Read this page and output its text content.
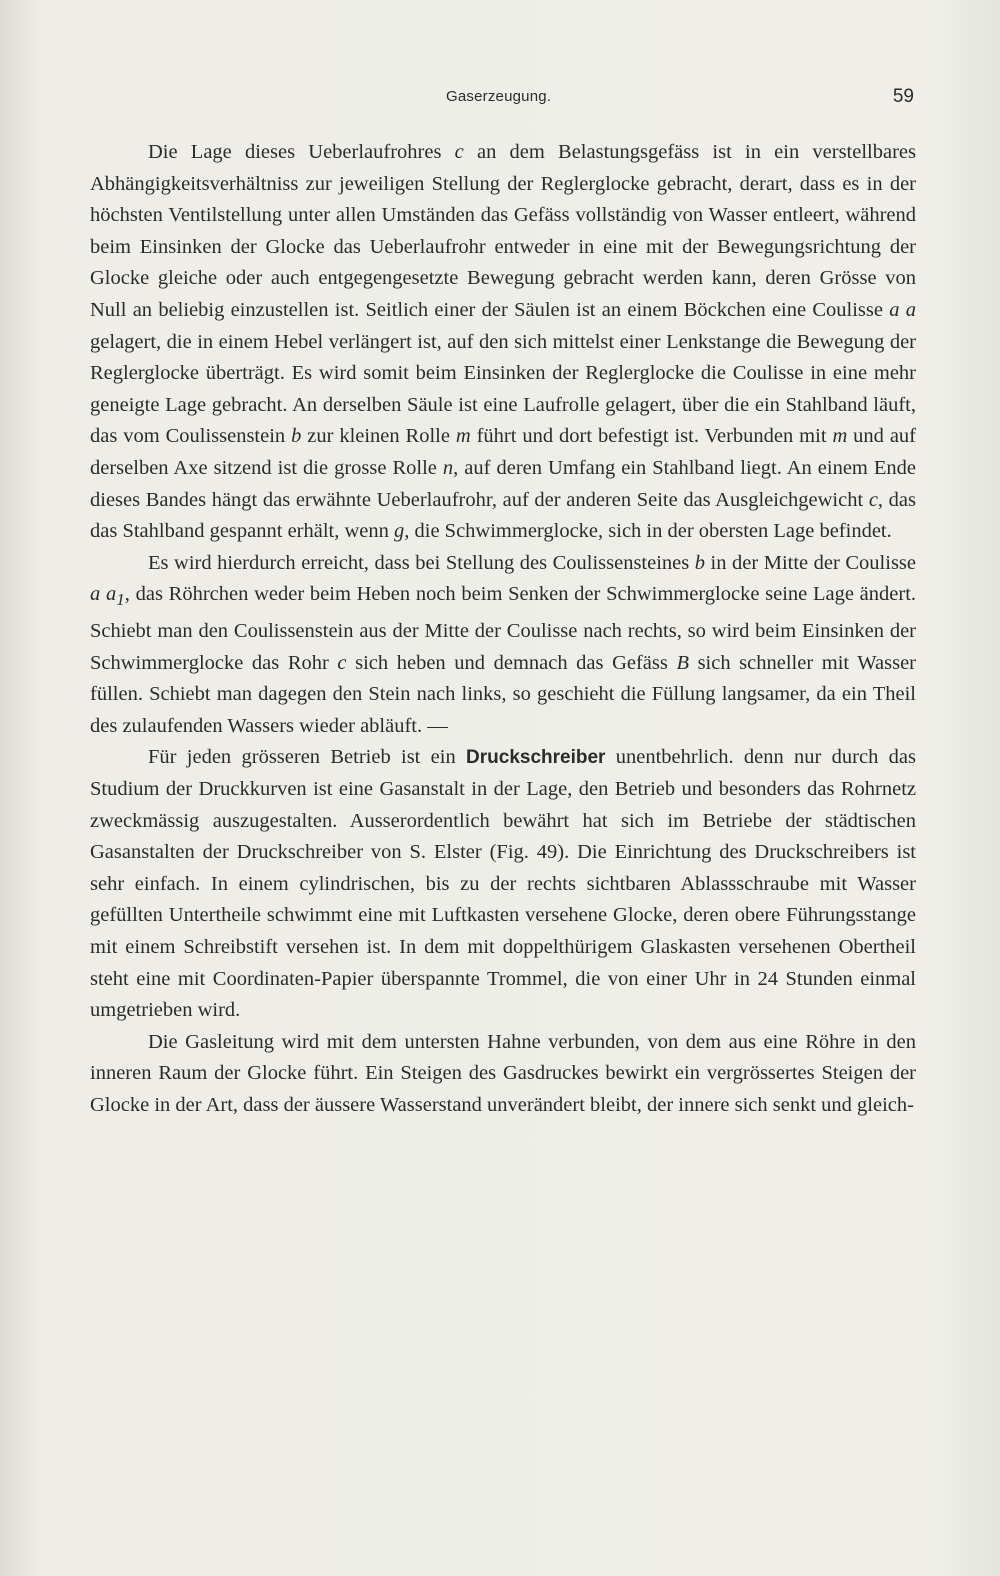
Gaserzeugung.	59

Die Lage dieses Ueberlaufrohres c an dem Belastungsgefäss ist in ein verstellbares Abhängigkeitsverhältniss zur jeweiligen Stellung der Reglerglocke gebracht, derart, dass es in der höchsten Ventilstellung unter allen Umständen das Gefäss vollständig von Wasser entleert, während beim Einsinken der Glocke das Ueberlaufrohr entweder in eine mit der Bewegungsrichtung der Glocke gleiche oder auch entgegengesetzte Bewegung gebracht werden kann, deren Grösse von Null an beliebig einzustellen ist. Seitlich einer der Säulen ist an einem Böckchen eine Coulisse a a gelagert, die in einem Hebel verlängert ist, auf den sich mittelst einer Lenkstange die Bewegung der Reglerglocke überträgt. Es wird somit beim Einsinken der Reglerglocke die Coulisse in eine mehr geneigte Lage gebracht. An derselben Säule ist eine Laufrolle gelagert, über die ein Stahlband läuft, das vom Coulissenstein b zur kleinen Rolle m führt und dort befestigt ist. Verbunden mit m und auf derselben Axe sitzend ist die grosse Rolle n, auf deren Umfang ein Stahlband liegt. An einem Ende dieses Bandes hängt das erwähnte Ueberlaufrohr, auf der anderen Seite das Ausgleichgewicht c, das das Stahlband gespannt erhält, wenn g, die Schwimmerglocke, sich in der obersten Lage befindet.

Es wird hierdurch erreicht, dass bei Stellung des Coulissensteines b in der Mitte der Coulisse a $a_1$, das Röhrchen weder beim Heben noch beim Senken der Schwimmerglocke seine Lage ändert. Schiebt man den Coulissenstein aus der Mitte der Coulisse nach rechts, so wird beim Einsinken der Schwimmerglocke das Rohr c sich heben und demnach das Gefäss B sich schneller mit Wasser füllen. Schiebt man dagegen den Stein nach links, so geschieht die Füllung langsamer, da ein Theil des zulaufenden Wassers wieder abläuft. —

Für jeden grösseren Betrieb ist ein Druckschreiber unentbehrlich. denn nur durch das Studium der Druckkurven ist eine Gasanstalt in der Lage, den Betrieb und besonders das Rohrnetz zweckmässig auszugestalten. Ausserordentlich bewährt hat sich im Betriebe der städtischen Gasanstalten der Druckschreiber von S. Elster (Fig. 49). Die Einrichtung des Druckschreibers ist sehr einfach. In einem cylindrischen, bis zu der rechts sichtbaren Ablassschraube mit Wasser gefüllten Untertheile schwimmt eine mit Luftkasten versehene Glocke, deren obere Führungsstange mit einem Schreibstift versehen ist. In dem mit doppelthürigem Glaskasten versehenen Obertheil steht eine mit Coordinaten-Papier überspannte Trommel, die von einer Uhr in 24 Stunden einmal umgetrieben wird.

Die Gasleitung wird mit dem untersten Hahne verbunden, von dem aus eine Röhre in den inneren Raum der Glocke führt. Ein Steigen des Gasdruckes bewirkt ein vergrössertes Steigen der Glocke in der Art, dass der äussere Wasserstand unverändert bleibt, der innere sich senkt und gleich-
